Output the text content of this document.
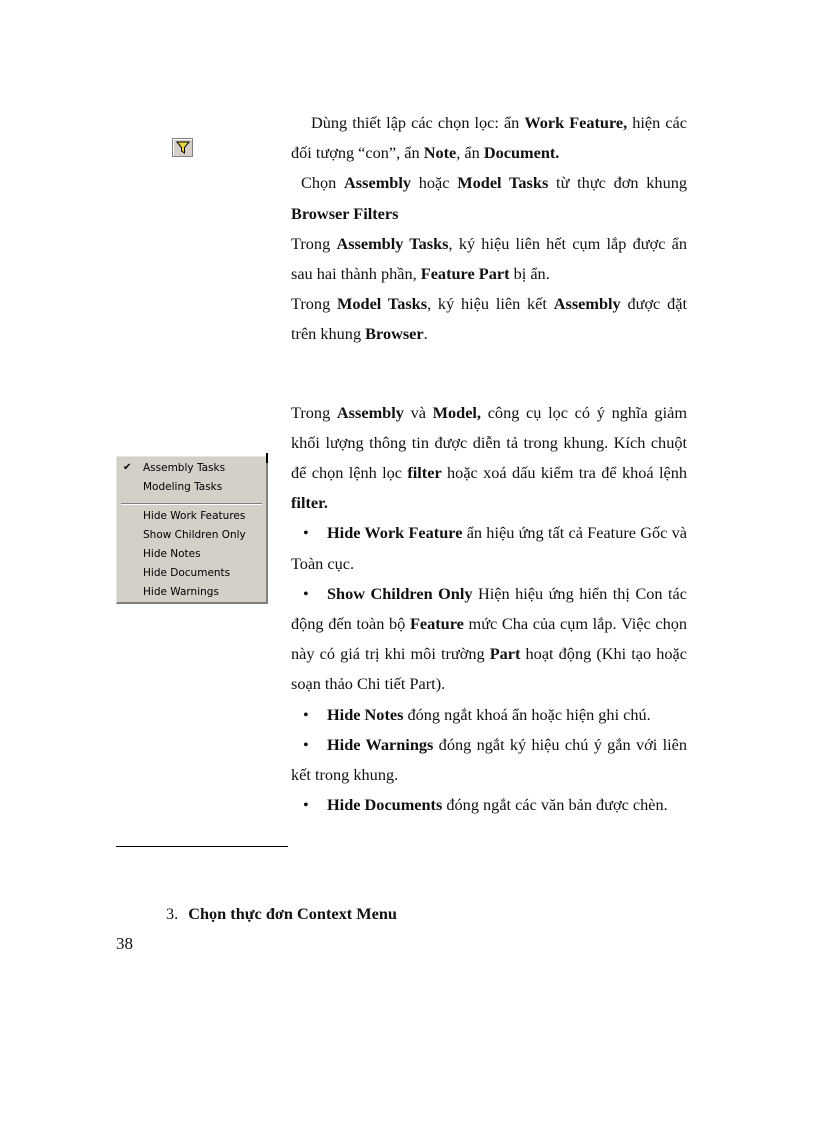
✔ Assembly Tasks
Modeling Tasks
Hide Work Features
Show Children Only
Hide Notes
Hide Documents
Hide Warnings

Dùng thiết lập các chọn lọc: ẩn Work Feature, hiện các đối tượng “con”, ẩn Note, ẩn Document.

Chọn Assembly hoặc Model Tasks từ thực đơn khung Browser Filters

Trong Assembly Tasks, ký hiệu liên hết cụm lắp được ẩn sau hai thành phần, Feature Part bị ẩn.

Trong Model Tasks, ký hiệu liên kết Assembly được đặt trên khung Browser.

Trong Assembly và Model, công cụ lọc có ý nghĩa giảm khối lượng thông tin được diễn tả trong khung. Kích chuột để chọn lệnh lọc filter hoặc xoá dấu kiểm tra để khoá lệnh filter.

• Hide Work Feature ẩn hiệu ứng tất cả Feature Gốc và Toàn cục.

• Show Children Only Hiện hiệu ứng hiển thị Con tác động đến toàn bộ Feature mức Cha của cụm lắp. Việc chọn này có giá trị khi môi trường Part hoạt động (Khi tạo hoặc soạn thảo Chi tiết Part).

• Hide Notes đóng ngắt khoá ẩn hoặc hiện ghi chú.

• Hide Warnings đóng ngắt ký hiệu chú ý gắn với liên kết trong khung.

• Hide Documents đóng ngắt các văn bản được chèn.

3. Chọn thực đơn Context Menu
38
